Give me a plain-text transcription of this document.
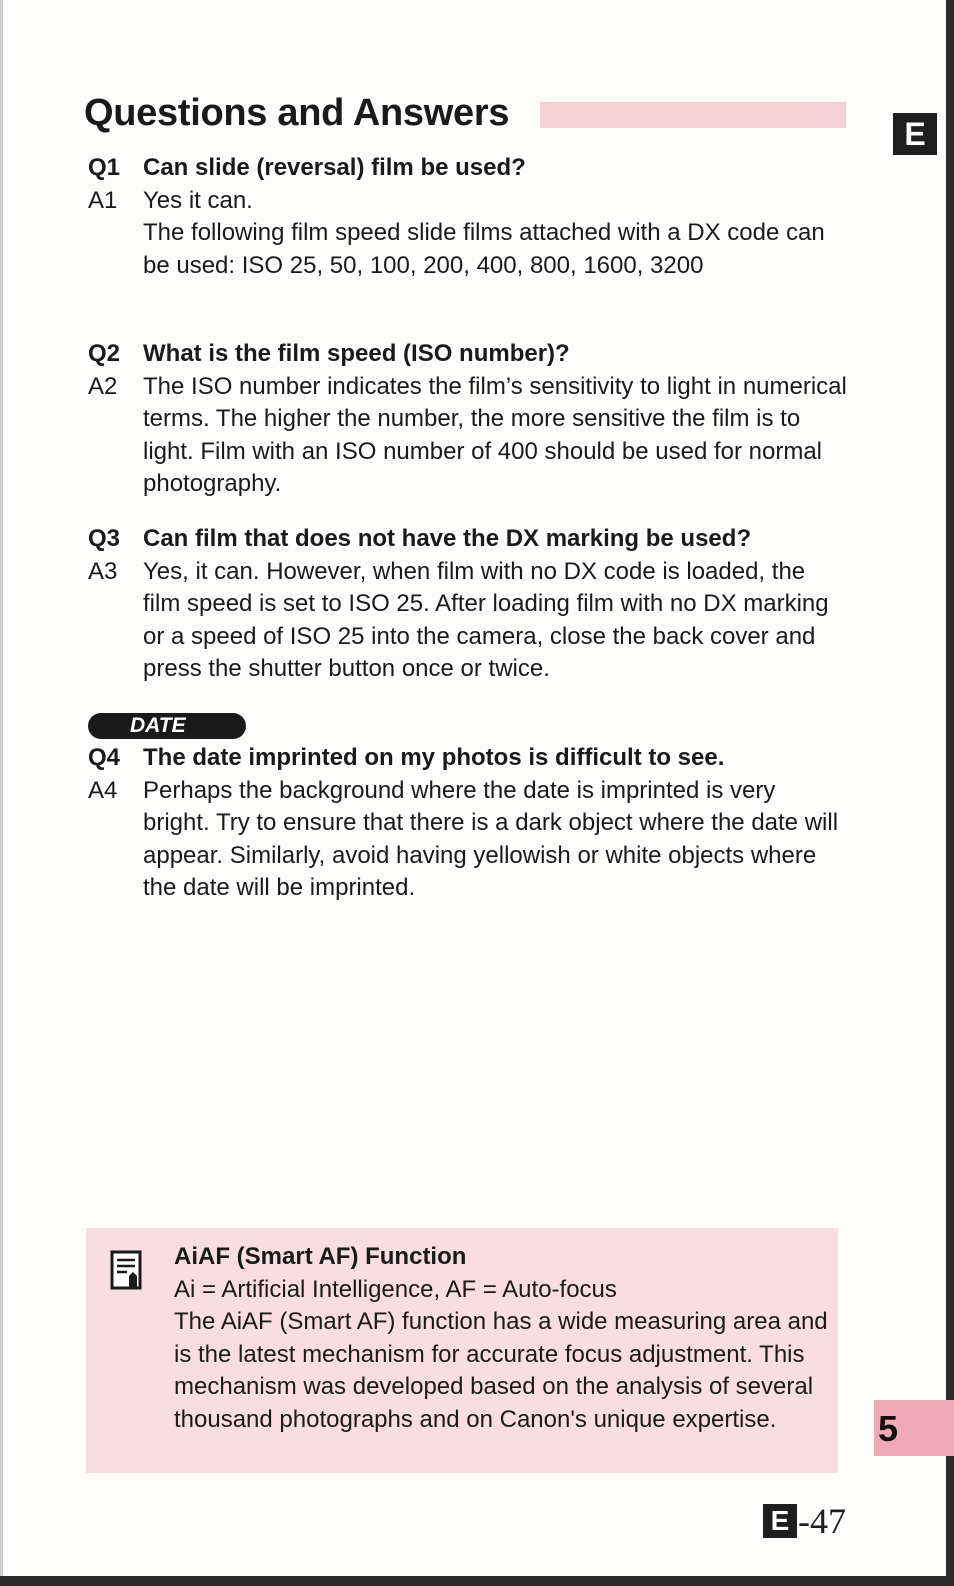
Questions and Answers	E
Q1 Can slide (reversal) film be used?
A1	Yes it can.

The following film speed slide films attached with a DX code can be used: ISO 25, 50, 100, 200, 400, 800, 1600, 3200

Q2 What is the film speed (ISO number)?
A2	The ISO number indicates the film’s sensitivity to light in numerical terms. The higher the number, the more sensitive the film is to light. Film with an ISO number of 400 should be used for normal photography.

Q3 Can film that does not have the DX marking be used?
A3	Yes, it can. However, when film with no DX code is loaded, the film speed is set to ISO 25. After loading film with no DX marking or a speed of ISO 25 into the camera, close the back cover and press the shutter button once or twice.

DATE
Q4 The date imprinted on my photos is difficult to see.
A4	Perhaps the background where the date is imprinted is very bright. Try to ensure that there is a dark object where the date will appear. Similarly, avoid having yellowish or white objects where the date will be imprinted.

AiAF (Smart AF) Function

Ai = Artificial Intelligence, AF = Auto-focus

The AiAF (Smart AF) function has a wide measuring area and is the latest mechanism for accurate focus adjustment. This mechanism was developed based on the analysis of several thousand photographs and on Canon's unique expertise.	5
E -47
